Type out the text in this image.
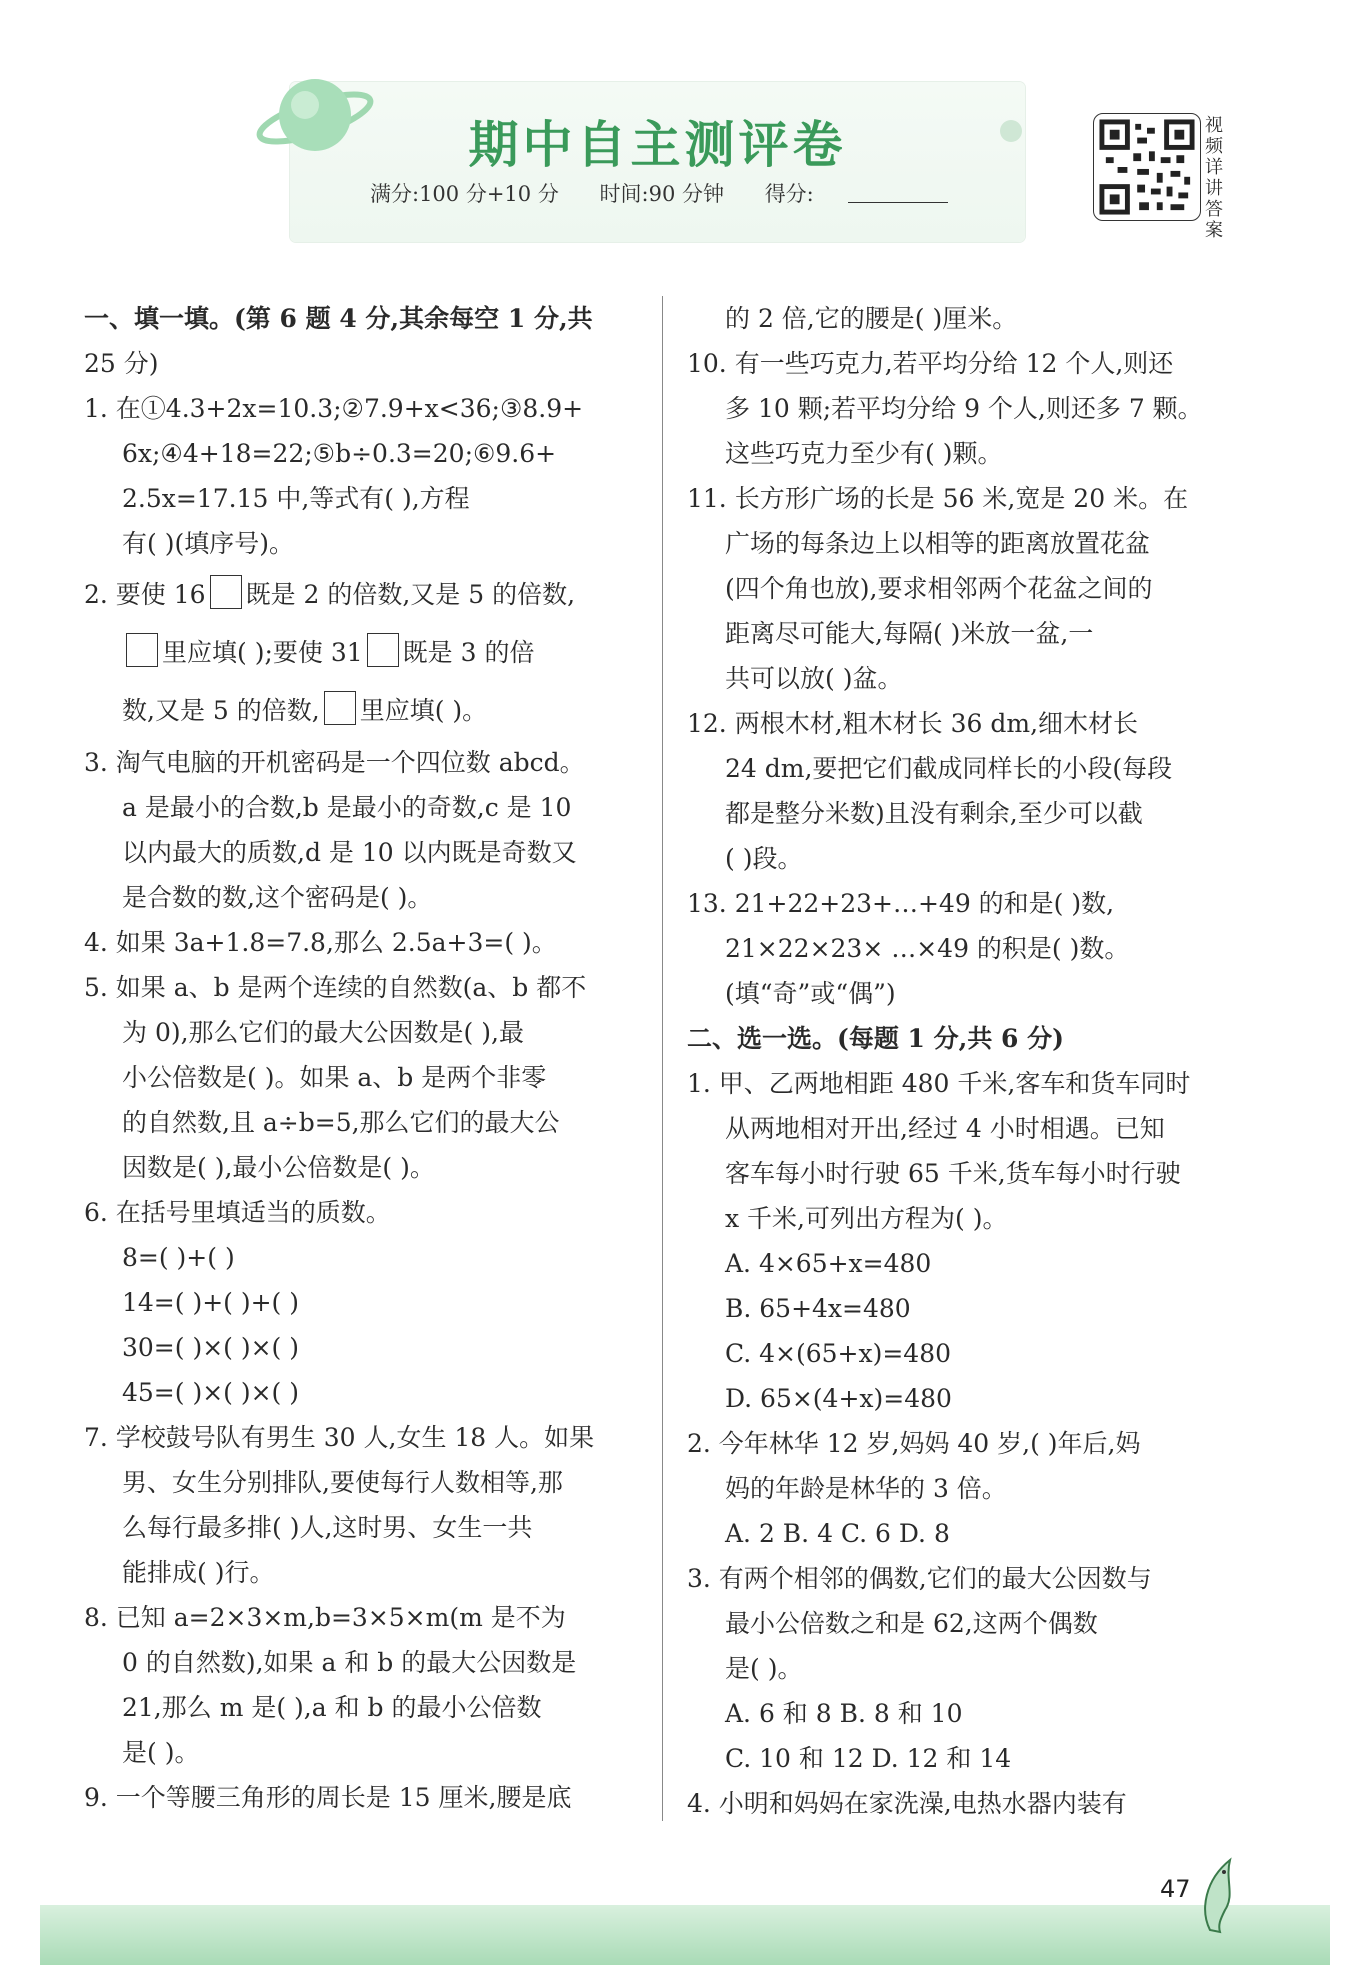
期中自主测评卷
满分:100 分+10 分 时间:90 分钟 得分:
视频详讲答案
一、填一填。(第 6 题 4 分,其余每空 1 分,共
25 分)
1. 在①4.3+2x=10.3;②7.9+x<36;③8.9+
6x;④4+18=22;⑤b÷0.3=20;⑥9.6+
2.5x=17.15 中,等式有( ),方程
有( )(填序号)。
2. 要使 16 既是 2 的倍数,又是 5 的倍数,
里应填( );要使 31 既是 3 的倍
数,又是 5 的倍数, 里应填( )。
3. 淘气电脑的开机密码是一个四位数 abcd。
a 是最小的合数,b 是最小的奇数,c 是 10
以内最大的质数,d 是 10 以内既是奇数又
是合数的数,这个密码是( )。
4. 如果 3a+1.8=7.8,那么 2.5a+3=( )。
5. 如果 a、b 是两个连续的自然数(a、b 都不
为 0),那么它们的最大公因数是( ),最
小公倍数是( )。如果 a、b 是两个非零
的自然数,且 a÷b=5,那么它们的最大公
因数是( ),最小公倍数是( )。
6. 在括号里填适当的质数。
8=( )+( )
14=( )+( )+( )
30=( )×( )×( )
45=( )×( )×( )
7. 学校鼓号队有男生 30 人,女生 18 人。如果
男、女生分别排队,要使每行人数相等,那
么每行最多排( )人,这时男、女生一共
能排成( )行。
8. 已知 a=2×3×m,b=3×5×m(m 是不为
0 的自然数),如果 a 和 b 的最大公因数是
21,那么 m 是( ),a 和 b 的最小公倍数
是( )。
9. 一个等腰三角形的周长是 15 厘米,腰是底
的 2 倍,它的腰是( )厘米。
10. 有一些巧克力,若平均分给 12 个人,则还
多 10 颗;若平均分给 9 个人,则还多 7 颗。
这些巧克力至少有( )颗。
11. 长方形广场的长是 56 米,宽是 20 米。在
广场的每条边上以相等的距离放置花盆
(四个角也放),要求相邻两个花盆之间的
距离尽可能大,每隔( )米放一盆,一
共可以放( )盆。
12. 两根木材,粗木材长 36 dm,细木材长
24 dm,要把它们截成同样长的小段(每段
都是整分米数)且没有剩余,至少可以截
( )段。
13. 21+22+23+…+49 的和是( )数,
21×22×23× …×49 的积是( )数。
(填“奇”或“偶”)
二、选一选。(每题 1 分,共 6 分)
1. 甲、乙两地相距 480 千米,客车和货车同时
从两地相对开出,经过 4 小时相遇。已知
客车每小时行驶 65 千米,货车每小时行驶
x 千米,可列出方程为( )。
A. 4×65+x=480
B. 65+4x=480
C. 4×(65+x)=480
D. 65×(4+x)=480
2. 今年林华 12 岁,妈妈 40 岁,( )年后,妈
妈的年龄是林华的 3 倍。
A. 2 B. 4 C. 6 D. 8
3. 有两个相邻的偶数,它们的最大公因数与
最小公倍数之和是 62,这两个偶数
是( )。
A. 6 和 8 B. 8 和 10
C. 10 和 12 D. 12 和 14
4. 小明和妈妈在家洗澡,电热水器内装有
47
